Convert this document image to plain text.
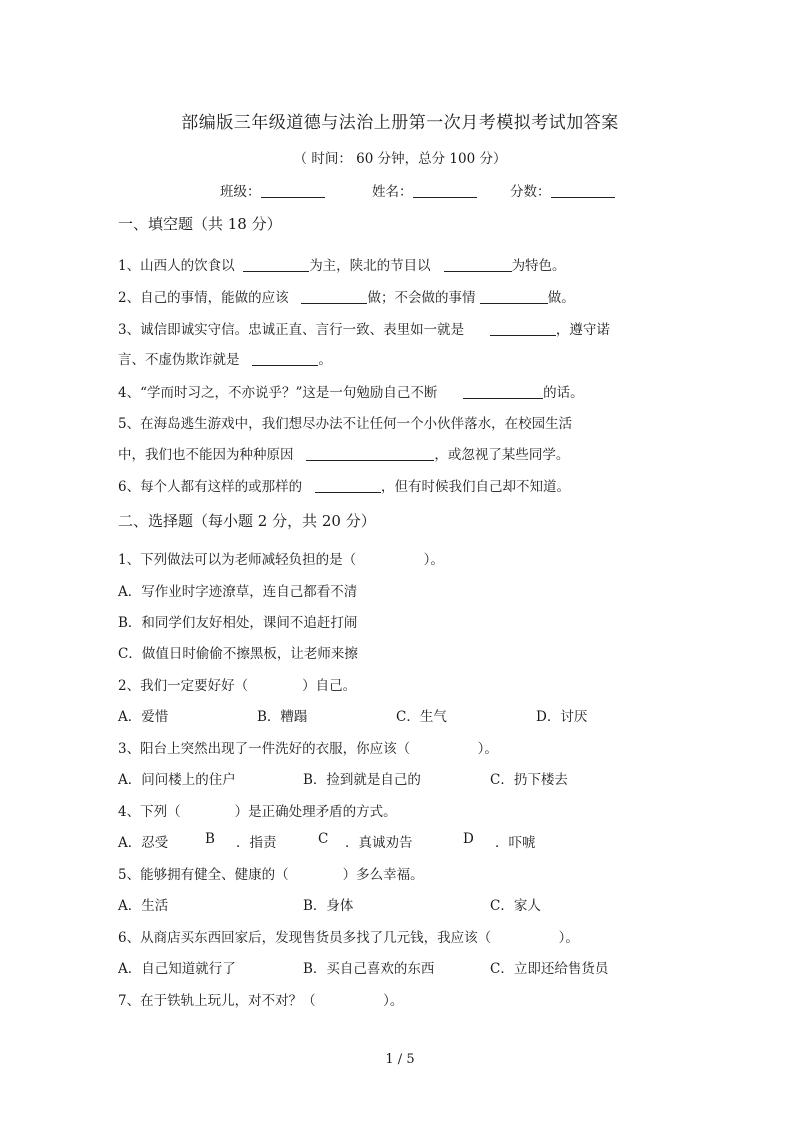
部编版三年级道德与法治上册第一次月考模拟考试加答案
（ 时间： 60 分钟，总分 100 分）
班级：	姓名：	分数：
一、填空题（共 18 分）
1、山西人的饮食以	为主，陕北的节目以	为特色。
2、自己的事情，能做的应该	做；不会做的事情	做。
3、诚信即诚实守信。忠诚正直、言行一致、表里如一就是	，遵守诺
言、不虚伪欺诈就是	。
4、“学而时习之，不亦说乎？”这是一句勉励自己不断	的话。
5、在海岛逃生游戏中，我们想尽办法不让任何一个小伙伴落水，在校园生活
中，我们也不能因为种种原因	，或忽视了某些同学。
6、每个人都有这样的或那样的	，但有时候我们自己却不知道。
二、选择题（每小题 2 分，共 20 分）
1、下列做法可以为老师减轻负担的是（　　　　　）。
A．写作业时字迹潦草，连自己都看不清
B．和同学们友好相处，课间不追赶打闹
C．做值日时偷偷不擦黑板，让老师来擦
2、我们一定要好好（　　　　）自己。
A．爱惜	B．糟蹋	C．生气	D．讨厌
3、阳台上突然出现了一件洗好的衣服，你应该（　　　　　）。
A．问问楼上的住户	B．捡到就是自己的	C．扔下楼去
4、下列（　　　　）是正确处理矛盾的方式。
A．忍受	B ．指责	C ．真诚劝告	D ．吓唬
5、能够拥有健全、健康的（　　　　）多么幸福。
A．生活	B．身体	C．家人
6、从商店买东西回家后，发现售货员多找了几元钱，我应该（　　　　　）。
A．自己知道就行了	B．买自己喜欢的东西	C．立即还给售货员
7、在于铁轨上玩儿，对不对？（　　　　　）。
1 / 5
